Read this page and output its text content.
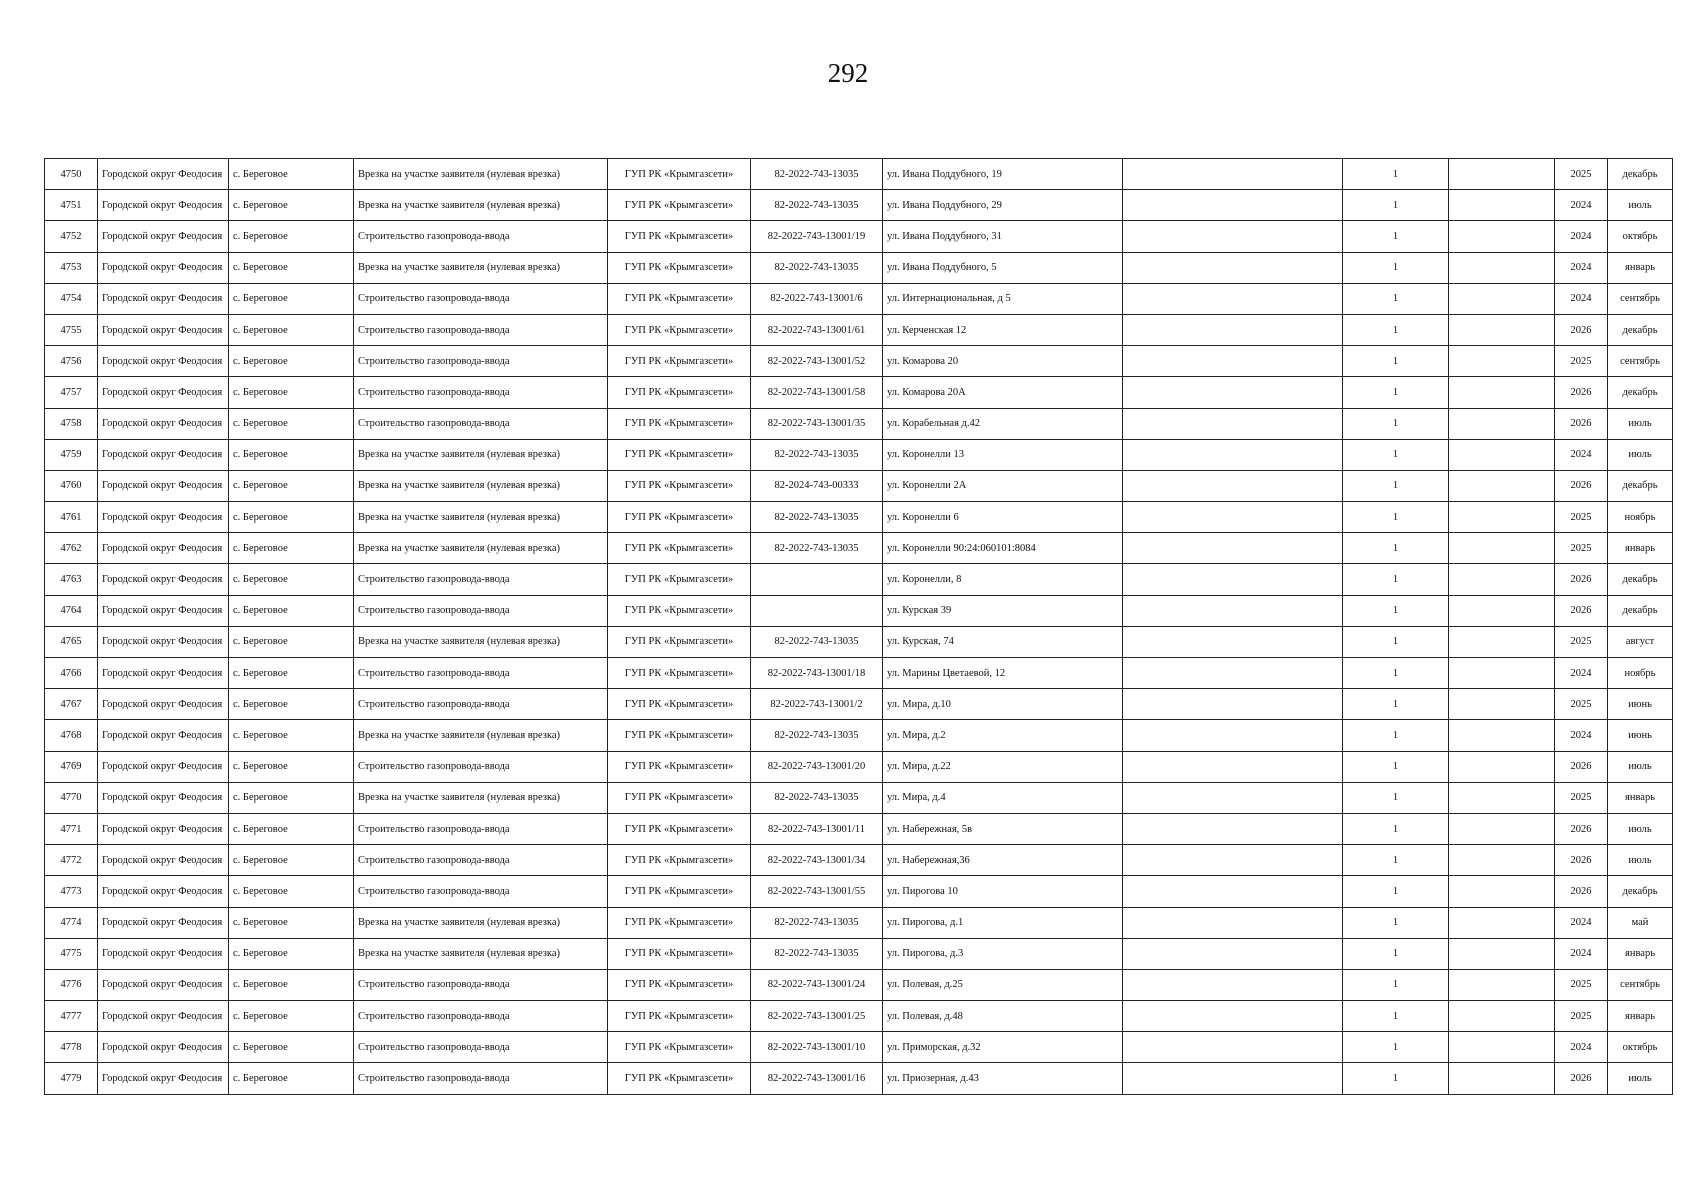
292
4750	Городской округ Феодосия	с. Береговое	Врезка на участке заявителя (нулевая врезка)	ГУП РК «Крымгазсети»	82-2022-743-13035	ул. Ивана Поддубного, 19		1		2025	декабрь
4751	Городской округ Феодосия	с. Береговое	Врезка на участке заявителя (нулевая врезка)	ГУП РК «Крымгазсети»	82-2022-743-13035	ул. Ивана Поддубного, 29		1		2024	июль
4752	Городской округ Феодосия	с. Береговое	Строительство газопровода-ввода	ГУП РК «Крымгазсети»	82-2022-743-13001/19	ул. Ивана Поддубного, 31		1		2024	октябрь
4753	Городской округ Феодосия	с. Береговое	Врезка на участке заявителя (нулевая врезка)	ГУП РК «Крымгазсети»	82-2022-743-13035	ул. Ивана Поддубного, 5		1		2024	январь
4754	Городской округ Феодосия	с. Береговое	Строительство газопровода-ввода	ГУП РК «Крымгазсети»	82-2022-743-13001/6	ул. Интернациональная, д 5		1		2024	сентябрь
4755	Городской округ Феодосия	с. Береговое	Строительство газопровода-ввода	ГУП РК «Крымгазсети»	82-2022-743-13001/61	ул. Керченская 12		1		2026	декабрь
4756	Городской округ Феодосия	с. Береговое	Строительство газопровода-ввода	ГУП РК «Крымгазсети»	82-2022-743-13001/52	ул. Комарова 20		1		2025	сентябрь
4757	Городской округ Феодосия	с. Береговое	Строительство газопровода-ввода	ГУП РК «Крымгазсети»	82-2022-743-13001/58	ул. Комарова 20А		1		2026	декабрь
4758	Городской округ Феодосия	с. Береговое	Строительство газопровода-ввода	ГУП РК «Крымгазсети»	82-2022-743-13001/35	ул. Корабельная д.42		1		2026	июль
4759	Городской округ Феодосия	с. Береговое	Врезка на участке заявителя (нулевая врезка)	ГУП РК «Крымгазсети»	82-2022-743-13035	ул. Коронелли 13		1		2024	июль
4760	Городской округ Феодосия	с. Береговое	Врезка на участке заявителя (нулевая врезка)	ГУП РК «Крымгазсети»	82-2024-743-00333	ул. Коронелли 2А		1		2026	декабрь
4761	Городской округ Феодосия	с. Береговое	Врезка на участке заявителя (нулевая врезка)	ГУП РК «Крымгазсети»	82-2022-743-13035	ул. Коронелли 6		1		2025	ноябрь
4762	Городской округ Феодосия	с. Береговое	Врезка на участке заявителя (нулевая врезка)	ГУП РК «Крымгазсети»	82-2022-743-13035	ул. Коронелли 90:24:060101:8084		1		2025	январь
4763	Городской округ Феодосия	с. Береговое	Строительство газопровода-ввода	ГУП РК «Крымгазсети»		ул. Коронелли, 8		1		2026	декабрь
4764	Городской округ Феодосия	с. Береговое	Строительство газопровода-ввода	ГУП РК «Крымгазсети»		ул. Курская 39		1		2026	декабрь
4765	Городской округ Феодосия	с. Береговое	Врезка на участке заявителя (нулевая врезка)	ГУП РК «Крымгазсети»	82-2022-743-13035	ул. Курская, 74		1		2025	август
4766	Городской округ Феодосия	с. Береговое	Строительство газопровода-ввода	ГУП РК «Крымгазсети»	82-2022-743-13001/18	ул. Марины Цветаевой, 12		1		2024	ноябрь
4767	Городской округ Феодосия	с. Береговое	Строительство газопровода-ввода	ГУП РК «Крымгазсети»	82-2022-743-13001/2	ул. Мира, д.10		1		2025	июнь
4768	Городской округ Феодосия	с. Береговое	Врезка на участке заявителя (нулевая врезка)	ГУП РК «Крымгазсети»	82-2022-743-13035	ул. Мира, д.2		1		2024	июнь
4769	Городской округ Феодосия	с. Береговое	Строительство газопровода-ввода	ГУП РК «Крымгазсети»	82-2022-743-13001/20	ул. Мира, д.22		1		2026	июль
4770	Городской округ Феодосия	с. Береговое	Врезка на участке заявителя (нулевая врезка)	ГУП РК «Крымгазсети»	82-2022-743-13035	ул. Мира, д.4		1		2025	январь
4771	Городской округ Феодосия	с. Береговое	Строительство газопровода-ввода	ГУП РК «Крымгазсети»	82-2022-743-13001/11	ул. Набережная, 5в		1		2026	июль
4772	Городской округ Феодосия	с. Береговое	Строительство газопровода-ввода	ГУП РК «Крымгазсети»	82-2022-743-13001/34	ул. Набережная,36		1		2026	июль
4773	Городской округ Феодосия	с. Береговое	Строительство газопровода-ввода	ГУП РК «Крымгазсети»	82-2022-743-13001/55	ул. Пирогова 10		1		2026	декабрь
4774	Городской округ Феодосия	с. Береговое	Врезка на участке заявителя (нулевая врезка)	ГУП РК «Крымгазсети»	82-2022-743-13035	ул. Пирогова, д.1		1		2024	май
4775	Городской округ Феодосия	с. Береговое	Врезка на участке заявителя (нулевая врезка)	ГУП РК «Крымгазсети»	82-2022-743-13035	ул. Пирогова, д.3		1		2024	январь
4776	Городской округ Феодосия	с. Береговое	Строительство газопровода-ввода	ГУП РК «Крымгазсети»	82-2022-743-13001/24	ул. Полевая, д.25		1		2025	сентябрь
4777	Городской округ Феодосия	с. Береговое	Строительство газопровода-ввода	ГУП РК «Крымгазсети»	82-2022-743-13001/25	ул. Полевая, д.48		1		2025	январь
4778	Городской округ Феодосия	с. Береговое	Строительство газопровода-ввода	ГУП РК «Крымгазсети»	82-2022-743-13001/10	ул. Приморская, д.32		1		2024	октябрь
4779	Городской округ Феодосия	с. Береговое	Строительство газопровода-ввода	ГУП РК «Крымгазсети»	82-2022-743-13001/16	ул. Приозерная, д.43		1		2026	июль
